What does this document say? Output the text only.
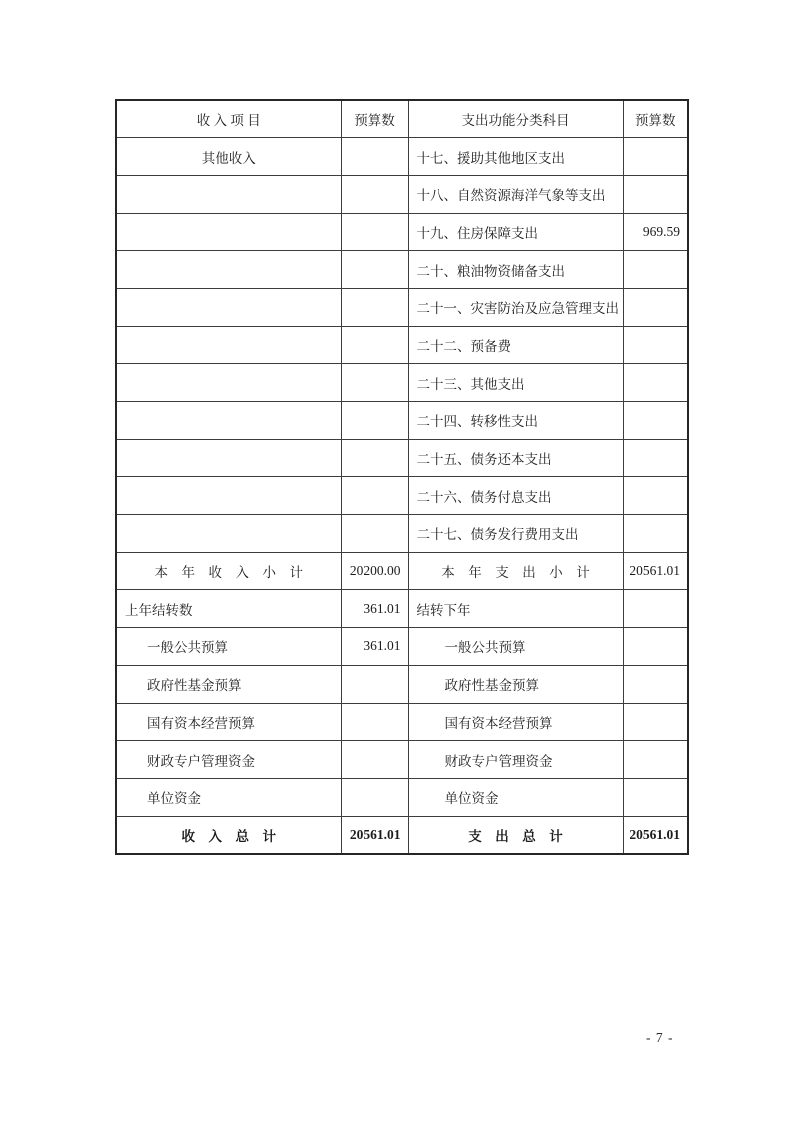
收 入 项 目	预算数	支出功能分类科目	预算数
其他收入		十七、援助其他地区支出	
		十八、自然资源海洋气象等支出	
		十九、住房保障支出	969.59
		二十、粮油物资储备支出	
		二十一、灾害防治及应急管理支出	
		二十二、预备费	
		二十三、其他支出	
		二十四、转移性支出	
		二十五、债务还本支出	
		二十六、债务付息支出	
		二十七、债务发行费用支出	
本　年　收　入　小　计	20200.00	本　年　支　出　小　计	20561.01
上年结转数	361.01	结转下年	
一般公共预算	361.01	一般公共预算	
政府性基金预算		政府性基金预算	
国有资本经营预算		国有资本经营预算	
财政专户管理资金		财政专户管理资金	
单位资金		单位资金	
收　入　总　计	20561.01	支　出　总　计	20561.01
- 7 -
